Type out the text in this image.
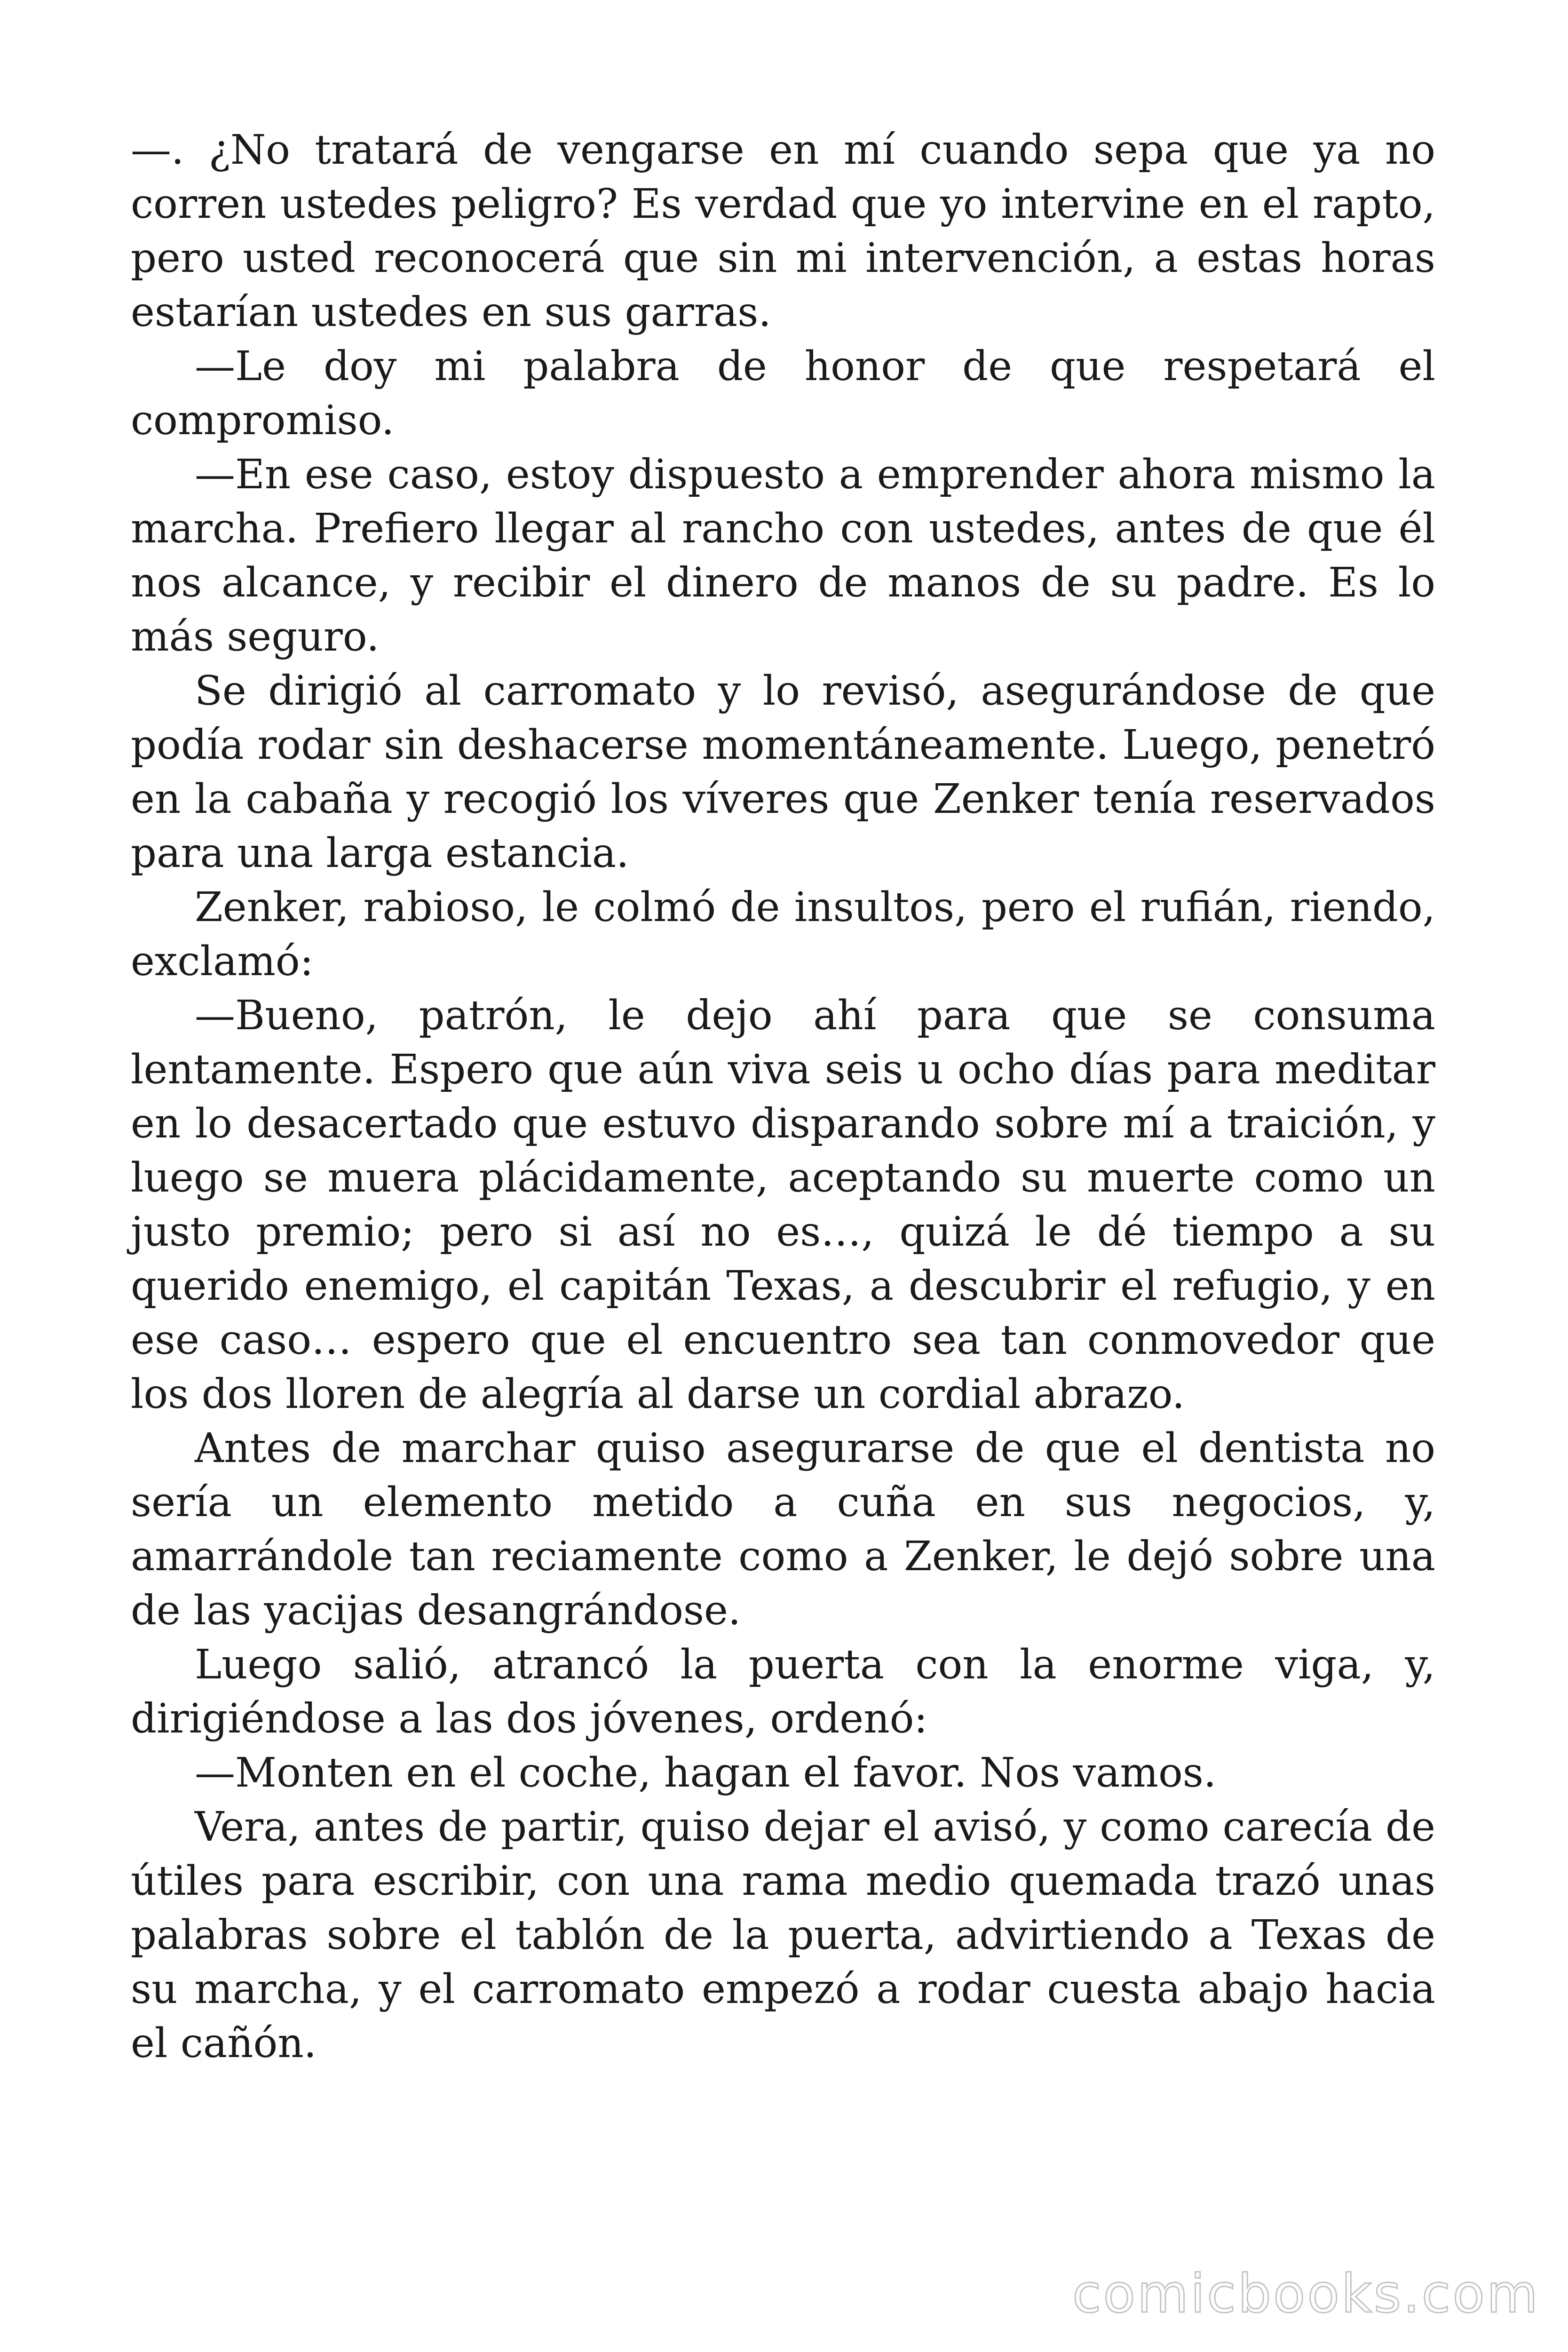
—. ¿No tratará de vengarse en mí cuando sepa que ya no corren ustedes peligro? Es verdad que yo intervine en el rapto, pero usted reconocerá que sin mi intervención, a estas horas estarían ustedes en sus garras.

—Le doy mi palabra de honor de que respetará el compromiso.

—En ese caso, estoy dispuesto a emprender ahora mismo la marcha. Prefiero llegar al rancho con ustedes, antes de que él nos alcance, y recibir el dinero de manos de su padre. Es lo más seguro.

Se dirigió al carromato y lo revisó, asegurándose de que podía rodar sin deshacerse momentáneamente. Luego, penetró en la cabaña y recogió los víveres que Zenker tenía reservados para una larga estancia.

Zenker, rabioso, le colmó de insultos, pero el rufián, riendo, exclamó:

—Bueno, patrón, le dejo ahí para que se consuma lentamente. Espero que aún viva seis u ocho días para meditar en lo desacertado que estuvo disparando sobre mí a traición, y luego se muera plácidamente, aceptando su muerte como un justo premio; pero si así no es…, quizá le dé tiempo a su querido enemigo, el capitán Texas, a descubrir el refugio, y en ese caso… espero que el encuentro sea tan conmovedor que los dos lloren de alegría al darse un cordial abrazo.

Antes de marchar quiso asegurarse de que el dentista no sería un elemento metido a cuña en sus negocios, y, amarrándole tan reciamente como a Zenker, le dejó sobre una de las yacijas desangrándose.

Luego salió, atrancó la puerta con la enorme viga, y, dirigiéndose a las dos jóvenes, ordenó:

—Monten en el coche, hagan el favor. Nos vamos.

Vera, antes de partir, quiso dejar el avisó, y como carecía de útiles para escribir, con una rama medio quemada trazó unas palabras sobre el tablón de la puerta, advirtiendo a Texas de su marcha, y el carromato empezó a rodar cuesta abajo hacia el cañón.

comicbooks.com
